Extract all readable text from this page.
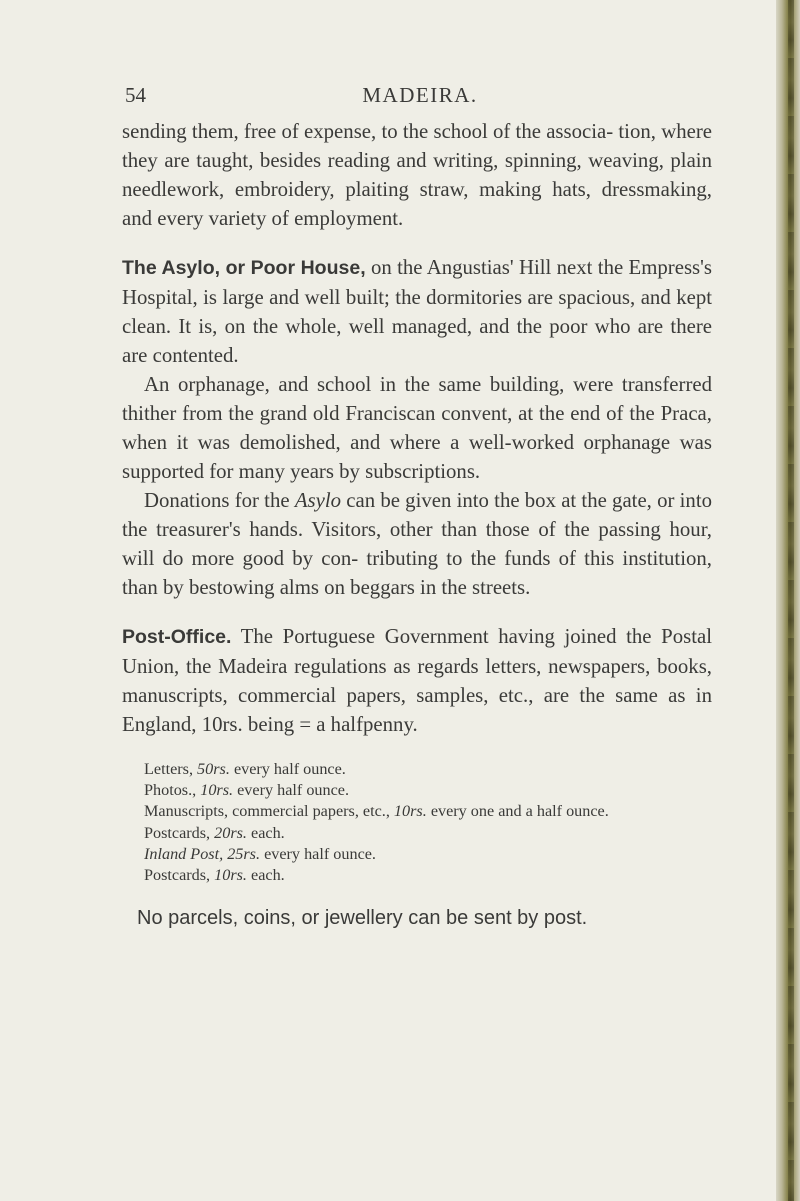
54	MADEIRA.

sending them, free of expense, to the school of the associa- tion, where they are taught, besides reading and writing, spinning, weaving, plain needlework, embroidery, plaiting straw, making hats, dressmaking, and every variety of employment.

The Asylo, or Poor House, on the Angustias' Hill next the Empress's Hospital, is large and well built; the dormitories are spacious, and kept clean. It is, on the whole, well managed, and the poor who are there are contented.

An orphanage, and school in the same building, were transferred thither from the grand old Franciscan convent, at the end of the Praca, when it was demolished, and where a well-worked orphanage was supported for many years by subscriptions.

Donations for the Asylo can be given into the box at the gate, or into the treasurer's hands. Visitors, other than those of the passing hour, will do more good by con- tributing to the funds of this institution, than by bestowing alms on beggars in the streets.

Post-Office. The Portuguese Government having joined the Postal Union, the Madeira regulations as regards letters, newspapers, books, manuscripts, commercial papers, samples, etc., are the same as in England, 10rs. being = a halfpenny.

Letters, 50rs. every half ounce.

Photos., 10rs. every half ounce.

Manuscripts, commercial papers, etc., 10rs. every one and a half ounce.

Postcards, 20rs. each.

Inland Post, 25rs. every half ounce.

Postcards, 10rs. each.

No parcels, coins, or jewellery can be sent by post.
